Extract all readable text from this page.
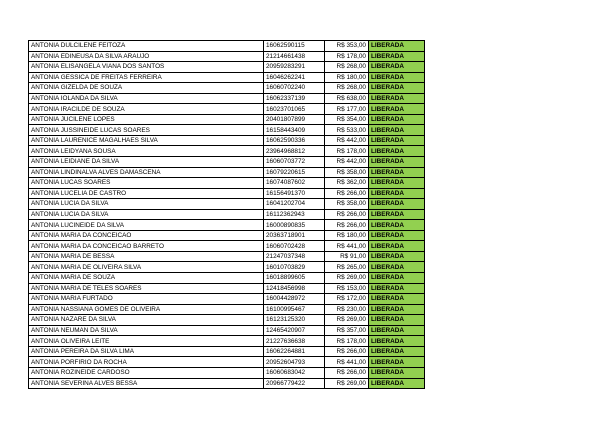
ANTONIA DULCILENE FEITOZA	16062590115	R$ 353,00	LIBERADA
ANTONIA EDINEUSA DA SILVA ARAUJO	21214661438	R$ 178,00	LIBERADA
ANTONIA ELISANGELA VIANA DOS SANTOS	20959283291	R$ 268,00	LIBERADA
ANTONIA GESSICA DE FREITAS FERREIRA	16046262241	R$ 180,00	LIBERADA
ANTONIA GIZELDA DE SOUZA	16060702240	R$ 268,00	LIBERADA
ANTONIA IOLANDA DA SILVA	16062337139	R$ 638,00	LIBERADA
ANTONIA IRACILDE DE SOUZA	16023701065	R$ 177,00	LIBERADA
ANTONIA JUCILENE LOPES	20401807899	R$ 354,00	LIBERADA
ANTONIA JUSSINEIDE LUCAS SOARES	16158443409	R$ 533,00	LIBERADA
ANTONIA LAURENICE MAGALHAES SILVA	16062590336	R$ 442,00	LIBERADA
ANTONIA LEIDYANA SOUSA	23964968812	R$ 178,00	LIBERADA
ANTONIA LEIDIANE DA SILVA	16060703772	R$ 442,00	LIBERADA
ANTONIA LINDINALVA ALVES DAMASCENA	16079220615	R$ 358,00	LIBERADA
ANTONIA LUCAS SOARES	16074087602	R$ 362,00	LIBERADA
ANTONIA LUCELIA DE CASTRO	16156491370	R$ 266,00	LIBERADA
ANTONIA LUCIA DA SILVA	16041202704	R$ 358,00	LIBERADA
ANTONIA LUCIA DA SILVA	16112362943	R$ 266,00	LIBERADA
ANTONIA LUCINEIDE DA SILVA	16000890835	R$ 266,00	LIBERADA
ANTONIA MARIA DA CONCEICAO	20363718901	R$ 180,00	LIBERADA
ANTONIA MARIA DA CONCEICAO BARRETO	16060702428	R$ 441,00	LIBERADA
ANTONIA MARIA DE BESSA	21247037348	R$ 91,00	LIBERADA
ANTONIA MARIA DE OLIVEIRA SILVA	16010703829	R$ 265,00	LIBERADA
ANTONIA MARIA DE SOUZA	16018899605	R$ 269,00	LIBERADA
ANTONIA MARIA DE TELES SOARES	12418456998	R$ 153,00	LIBERADA
ANTONIA MARIA FURTADO	16004428972	R$ 172,00	LIBERADA
ANTONIA NASSIANA GOMES DE OLIVEIRA	16100995467	R$ 230,00	LIBERADA
ANTONIA NAZARE DA SILVA	16123125320	R$ 269,00	LIBERADA
ANTONIA NEUMAN DA SILVA	12465420907	R$ 357,00	LIBERADA
ANTONIA OLIVEIRA LEITE	21227636638	R$ 178,00	LIBERADA
ANTONIA PEREIRA DA SILVA LIMA	16062264881	R$ 266,00	LIBERADA
ANTONIA PORFIRIO DA ROCHA	20952604793	R$ 441,00	LIBERADA
ANTONIA ROZINEIDE CARDOSO	16060683042	R$ 266,00	LIBERADA
ANTONIA SEVERINA ALVES BESSA	20966779422	R$ 269,00	LIBERADA
